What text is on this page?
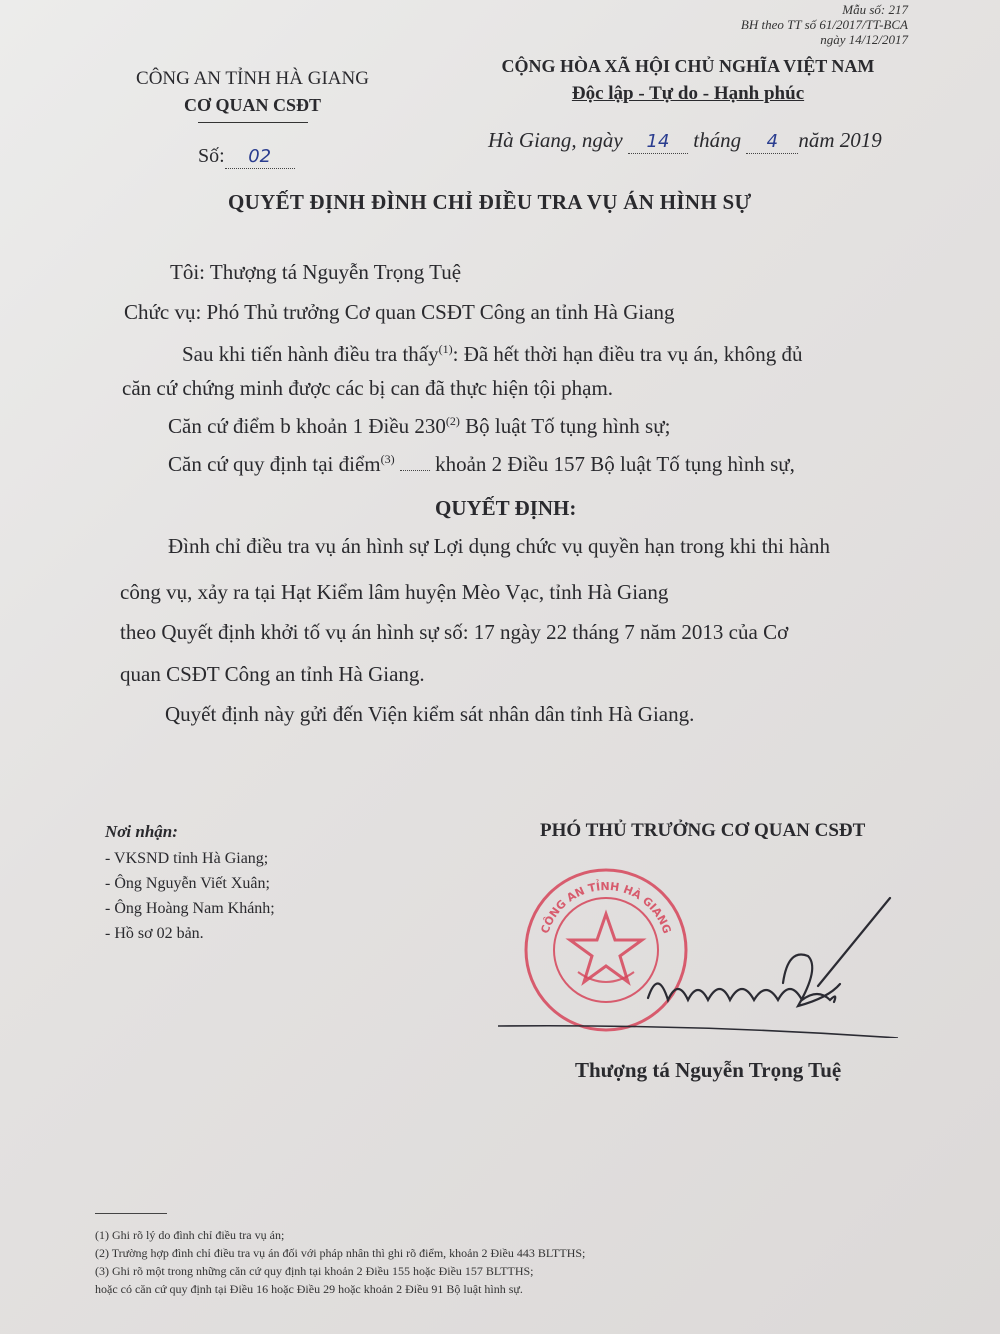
Mẫu số: 217
BH theo TT số 61/2017/TT-BCA
ngày 14/12/2017
CÔNG AN TỈNH HÀ GIANG
CƠ QUAN CSĐT
CỘNG HÒA XÃ HỘI CHỦ NGHĨA VIỆT NAM
Độc lập - Tự do - Hạnh phúc
Số: 02
Hà Giang, ngày 14 tháng 4 năm 2019
QUYẾT ĐỊNH ĐÌNH CHỈ ĐIỀU TRA VỤ ÁN HÌNH SỰ
Tôi: Thượng tá Nguyễn Trọng Tuệ
Chức vụ: Phó Thủ trưởng Cơ quan CSĐT Công an tỉnh Hà Giang
Sau khi tiến hành điều tra thấy$^{(1)}$: Đã hết thời hạn điều tra vụ án, không đủ
căn cứ chứng minh được các bị can đã thực hiện tội phạm.
Căn cứ điểm b khoản 1 Điều 230$^{(2)}$ Bộ luật Tố tụng hình sự;
Căn cứ quy định tại điểm$^{(3)}$ khoản 2 Điều 157 Bộ luật Tố tụng hình sự,
QUYẾT ĐỊNH:
Đình chỉ điều tra vụ án hình sự Lợi dụng chức vụ quyền hạn trong khi thi hành
công vụ, xảy ra tại Hạt Kiểm lâm huyện Mèo Vạc, tỉnh Hà Giang
theo Quyết định khởi tố vụ án hình sự số: 17 ngày 22 tháng 7 năm 2013 của Cơ
quan CSĐT Công an tỉnh Hà Giang.
Quyết định này gửi đến Viện kiểm sát nhân dân tỉnh Hà Giang.
Nơi nhận:
- VKSND tỉnh Hà Giang;
- Ông Nguyễn Viết Xuân;
- Ông Hoàng Nam Khánh;
- Hồ sơ 02 bản.
PHÓ THỦ TRƯỞNG CƠ QUAN CSĐT
CÔNG AN TỈNH HÀ GIANG
Thượng tá Nguyễn Trọng Tuệ
(1) Ghi rõ lý do đình chỉ điều tra vụ án;
(2) Trường hợp đình chỉ điều tra vụ án đối với pháp nhân thì ghi rõ điểm, khoản 2 Điều 443 BLTTHS;
(3) Ghi rõ một trong những căn cứ quy định tại khoản 2 Điều 155 hoặc Điều 157 BLTTHS;
hoặc có căn cứ quy định tại Điều 16 hoặc Điều 29 hoặc khoản 2 Điều 91 Bộ luật hình sự.
